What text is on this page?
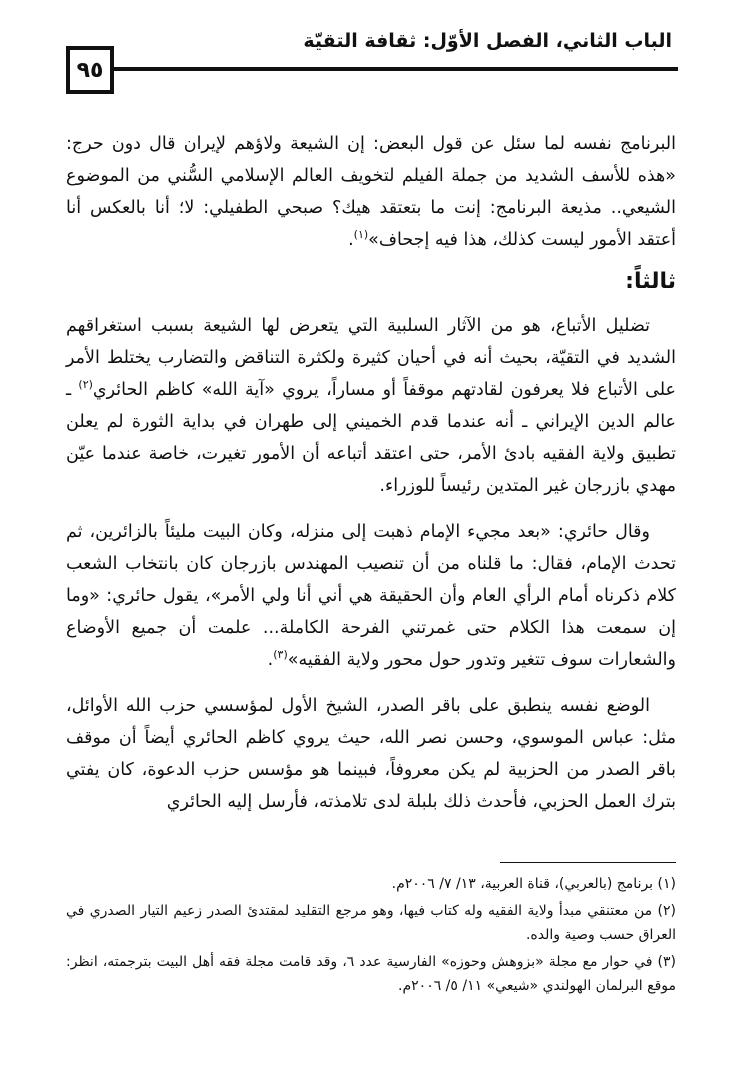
الباب الثاني، الفصل الأوّل: ثقافة التقيّة
٩٥

البرنامج نفسه لما سئل عن قول البعض: إن الشيعة ولاؤهم لإيران قال دون حرج: «هذه للأسف الشديد من جملة الفيلم لتخويف العالم الإسلامي السُّني من الموضوع الشيعي.. مذيعة البرنامج: إنت ما بتعتقد هيك؟ صبحي الطفيلي: لا؛ أنا بالعكس أنا أعتقد الأمور ليست كذلك، هذا فيه إجحاف»$^{(١)}$.

ثالثاً:

تضليل الأتباع، هو من الآثار السلبية التي يتعرض لها الشيعة بسبب استغراقهم الشديد في التقيّة، بحيث أنه في أحيان كثيرة ولكثرة التناقض والتضارب يختلط الأمر على الأتباع فلا يعرفون لقادتهم موقفاً أو مساراً، يروي «آية الله» كاظم الحائري$^{(٢)}$ ـ عالم الدين الإيراني ـ أنه عندما قدم الخميني إلى طهران في بداية الثورة لم يعلن تطبيق ولاية الفقيه بادئ الأمر، حتى اعتقد أتباعه أن الأمور تغيرت، خاصة عندما عيّن مهدي بازرجان غير المتدين رئيساً للوزراء.

وقال حائري: «بعد مجيء الإمام ذهبت إلى منزله، وكان البيت مليئاً بالزائرين، ثم تحدث الإمام، فقال: ما قلناه من أن تنصيب المهندس بازرجان كان بانتخاب الشعب كلام ذكرناه أمام الرأي العام وأن الحقيقة هي أني أنا ولي الأمر»، يقول حائري: «وما إن سمعت هذا الكلام حتى غمرتني الفرحة الكاملة... علمت أن جميع الأوضاع والشعارات سوف تتغير وتدور حول محور ولاية الفقيه»$^{(٣)}$.

الوضع نفسه ينطبق على باقر الصدر، الشيخ الأول لمؤسسي حزب الله الأوائل، مثل: عباس الموسوي، وحسن نصر الله، حيث يروي كاظم الحائري أيضاً أن موقف باقر الصدر من الحزبية لم يكن معروفاً، فبينما هو مؤسس حزب الدعوة، كان يفتي بترك العمل الحزبي، فأحدث ذلك بلبلة لدى تلامذته، فأرسل إليه الحائري

(١) برنامج (بالعربي)، قناة العربية، ١٣/ ٧/ ٢٠٠٦م.
(٢) من معتنقي مبدأ ولاية الفقيه وله كتاب فيها، وهو مرجع التقليد لمقتدئ الصدر زعيم التيار الصدري في العراق حسب وصية والده.
(٣) في حوار مع مجلة «بزوهش وحوزه» الفارسية عدد ٦، وقد قامت مجلة فقه أهل البيت بترجمته، انظر: موقع البرلمان الهولندي «شيعي» ١١/ ٥/ ٢٠٠٦م.
